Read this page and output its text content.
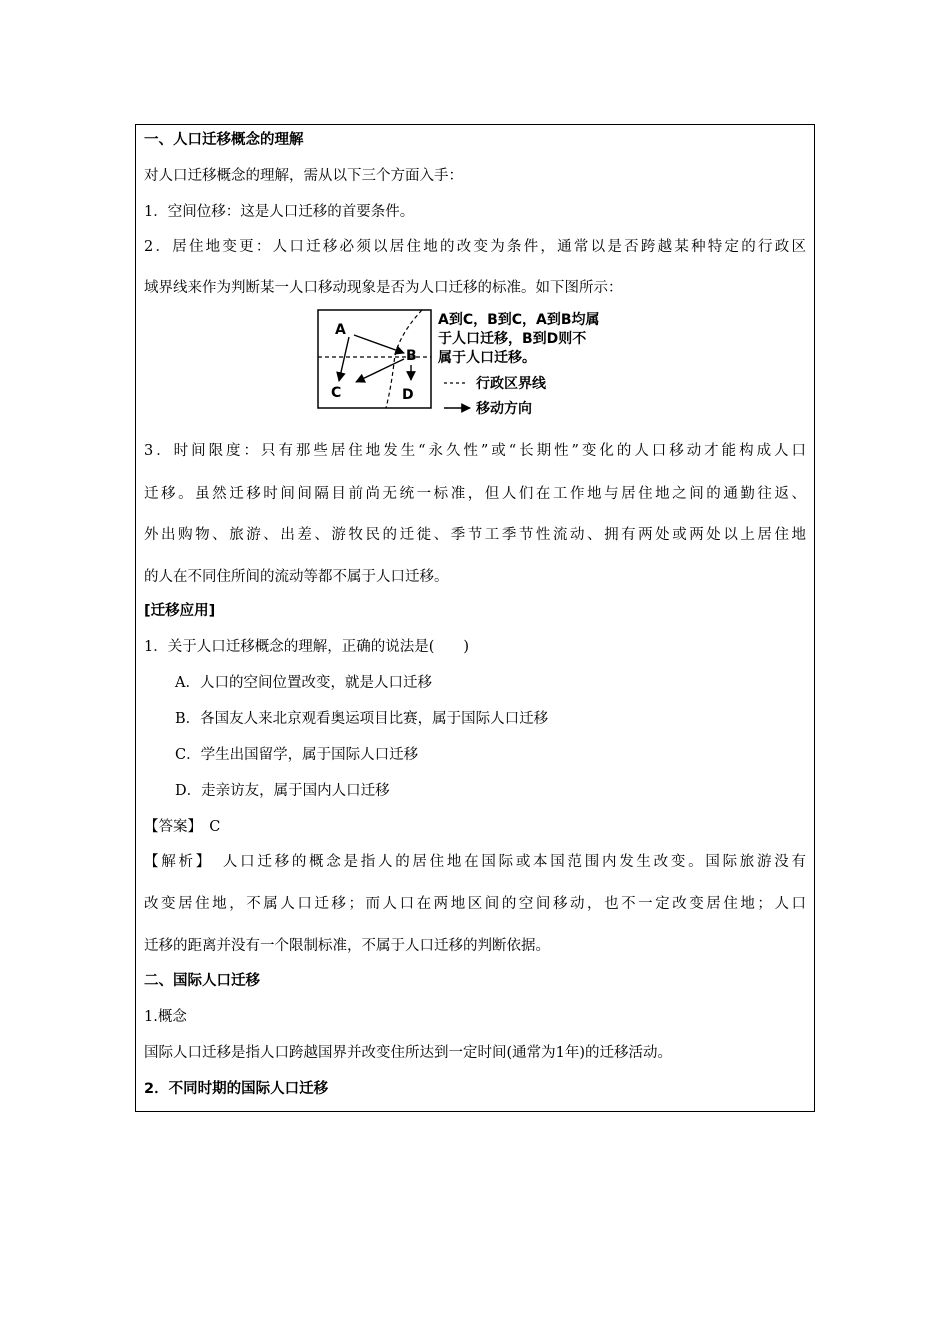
一、人口迁移概念的理解
对人口迁移概念的理解，需从以下三个方面入手：
1．空间位移：这是人口迁移的首要条件。
2．居住地变更：人口迁移必须以居住地的改变为条件，通常以是否跨越某种特定的行政区
域界线来作为判断某一人口移动现象是否为人口迁移的标准。如下图所示：
A
B
C	D
A到C，B到C，A到B均属
于人口迁移，B到D则不
属于人口迁移。
行政区界线
移动方向
3．时间限度：只有那些居住地发生“永久性”或“长期性”变化的人口移动才能构成人口
迁移。虽然迁移时间间隔目前尚无统一标准，但人们在工作地与居住地之间的通勤往返、
外出购物、旅游、出差、游牧民的迁徙、季节工季节性流动、拥有两处或两处以上居住地
的人在不同住所间的流动等都不属于人口迁移。
[迁移应用]
1．关于人口迁移概念的理解，正确的说法是(　　)
A．人口的空间位置改变，就是人口迁移
B．各国友人来北京观看奥运项目比赛，属于国际人口迁移
C．学生出国留学，属于国际人口迁移
D．走亲访友，属于国内人口迁移
【答案】　C
【解析】　人口迁移的概念是指人的居住地在国际或本国范围内发生改变。国际旅游没有
改变居住地，不属人口迁移；而人口在两地区间的空间移动，也不一定改变居住地；人口
迁移的距离并没有一个限制标准，不属于人口迁移的判断依据。
二、国际人口迁移
1.概念
国际人口迁移是指人口跨越国界并改变住所达到一定时间(通常为1年)的迁移活动。
2．不同时期的国际人口迁移
